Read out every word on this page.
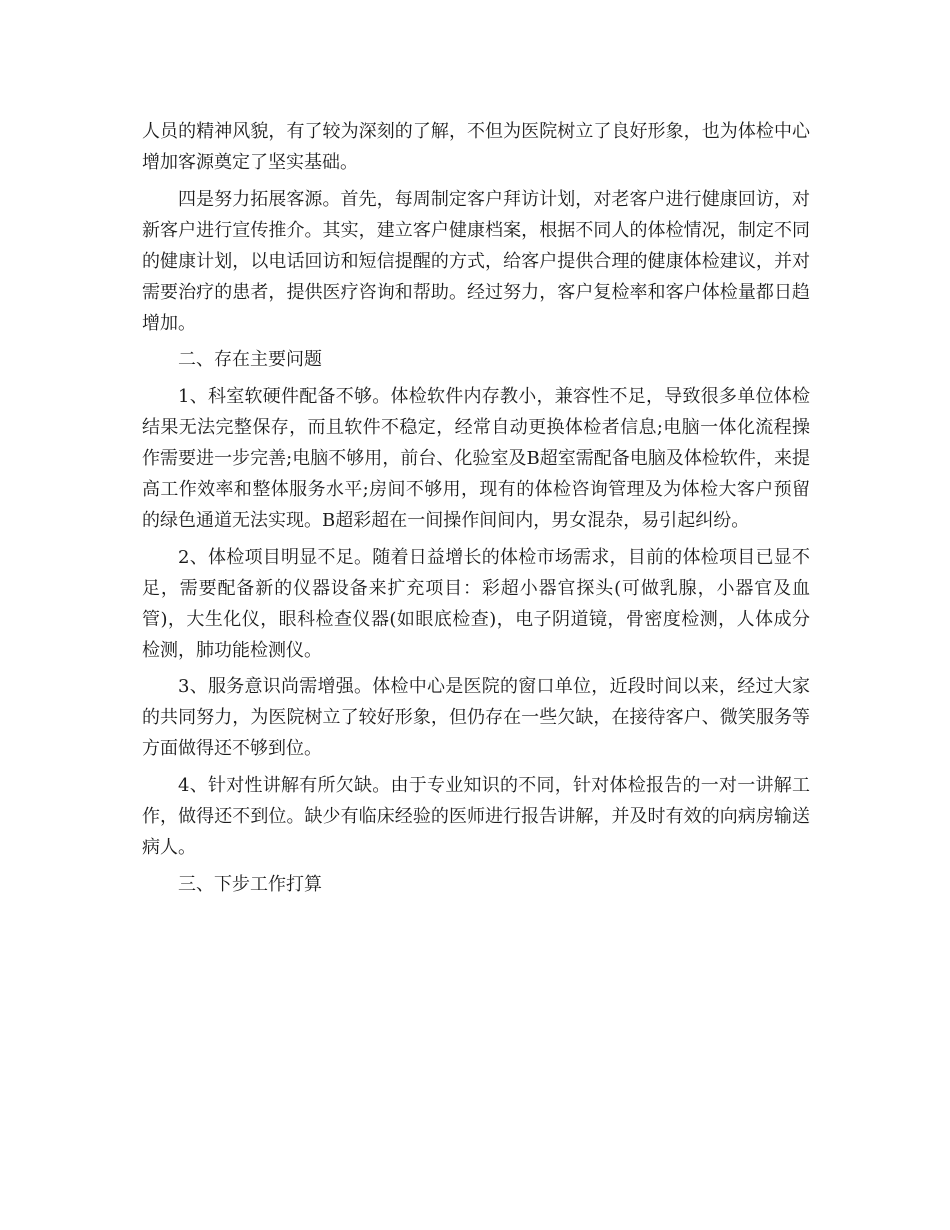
人员的精神风貌，有了较为深刻的了解，不但为医院树立了良好形象，也为体检中心增加客源奠定了坚实基础。

四是努力拓展客源。首先，每周制定客户拜访计划，对老客户进行健康回访，对新客户进行宣传推介。其实，建立客户健康档案，根据不同人的体检情况，制定不同的健康计划，以电话回访和短信提醒的方式，给客户提供合理的健康体检建议，并对需要治疗的患者，提供医疗咨询和帮助。经过努力，客户复检率和客户体检量都日趋增加。

二、存在主要问题

1、科室软硬件配备不够。体检软件内存教小，兼容性不足，导致很多单位体检结果无法完整保存，而且软件不稳定，经常自动更换体检者信息;电脑一体化流程操作需要进一步完善;电脑不够用，前台、化验室及B超室需配备电脑及体检软件，来提高工作效率和整体服务水平;房间不够用，现有的体检咨询管理及为体检大客户预留的绿色通道无法实现。B超彩超在一间操作间间内，男女混杂，易引起纠纷。

2、体检项目明显不足。随着日益增长的体检市场需求，目前的体检项目已显不足，需要配备新的仪器设备来扩充项目：彩超小器官探头(可做乳腺，小器官及血管)，大生化仪，眼科检查仪器(如眼底检查)，电子阴道镜，骨密度检测，人体成分检测，肺功能检测仪。

3、服务意识尚需增强。体检中心是医院的窗口单位，近段时间以来，经过大家的共同努力，为医院树立了较好形象，但仍存在一些欠缺，在接待客户、微笑服务等方面做得还不够到位。

4、针对性讲解有所欠缺。由于专业知识的不同，针对体检报告的一对一讲解工作，做得还不到位。缺少有临床经验的医师进行报告讲解，并及时有效的向病房输送病人。

三、下步工作打算
